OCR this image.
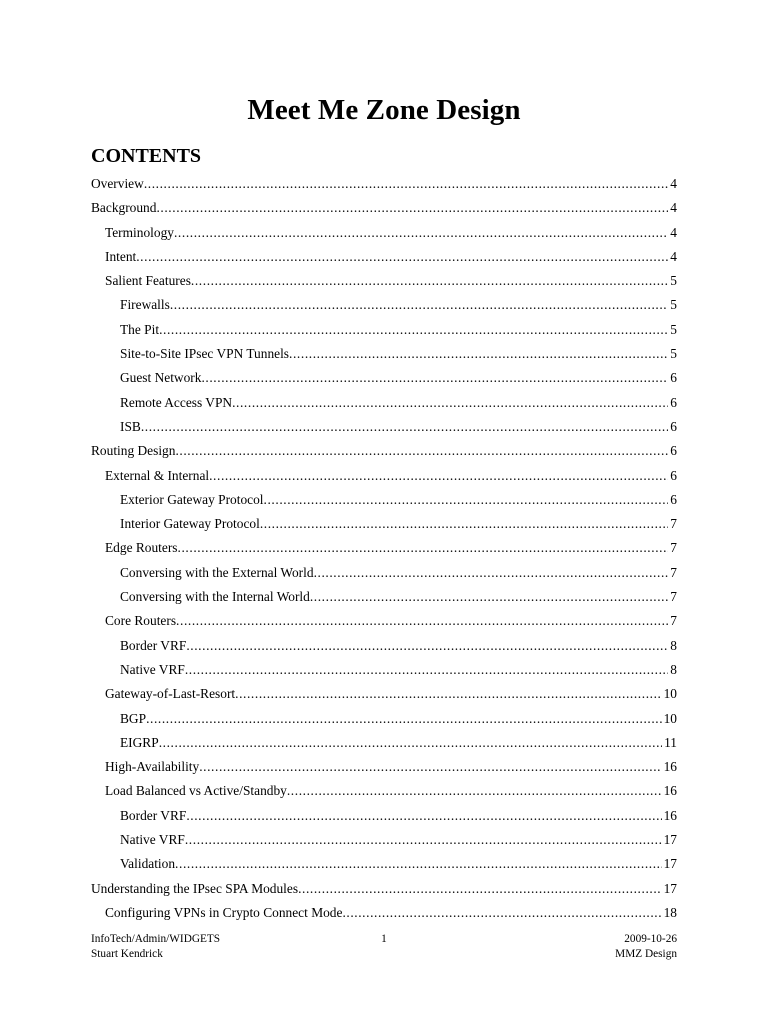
Meet Me Zone Design
CONTENTS
Overview .....	4
Background .....	4
Terminology .....	4
Intent .....	4
Salient Features .....	5
Firewalls .....	5
The Pit .....	5
Site-to-Site IPsec VPN Tunnels .....	5
Guest Network .....	6
Remote Access VPN .....	6
ISB .....	6
Routing Design .....	6
External & Internal .....	6
Exterior Gateway Protocol .....	6
Interior Gateway Protocol .....	7
Edge Routers .....	7
Conversing with the External World .....	7
Conversing with the Internal World .....	7
Core Routers .....	7
Border VRF .....	8
Native VRF .....	8
Gateway-of-Last-Resort .....	10
BGP .....	10
EIGRP .....	11
High-Availability .....	16
Load Balanced vs Active/Standby .....	16
Border VRF .....	16
Native VRF .....	17
Validation .....	17
Understanding the IPsec SPA Modules .....	17
Configuring VPNs in Crypto Connect Mode .....	18
InfoTech/Admin/WIDGETS
Stuart Kendrick
1	2009-10-26
MMZ Design
